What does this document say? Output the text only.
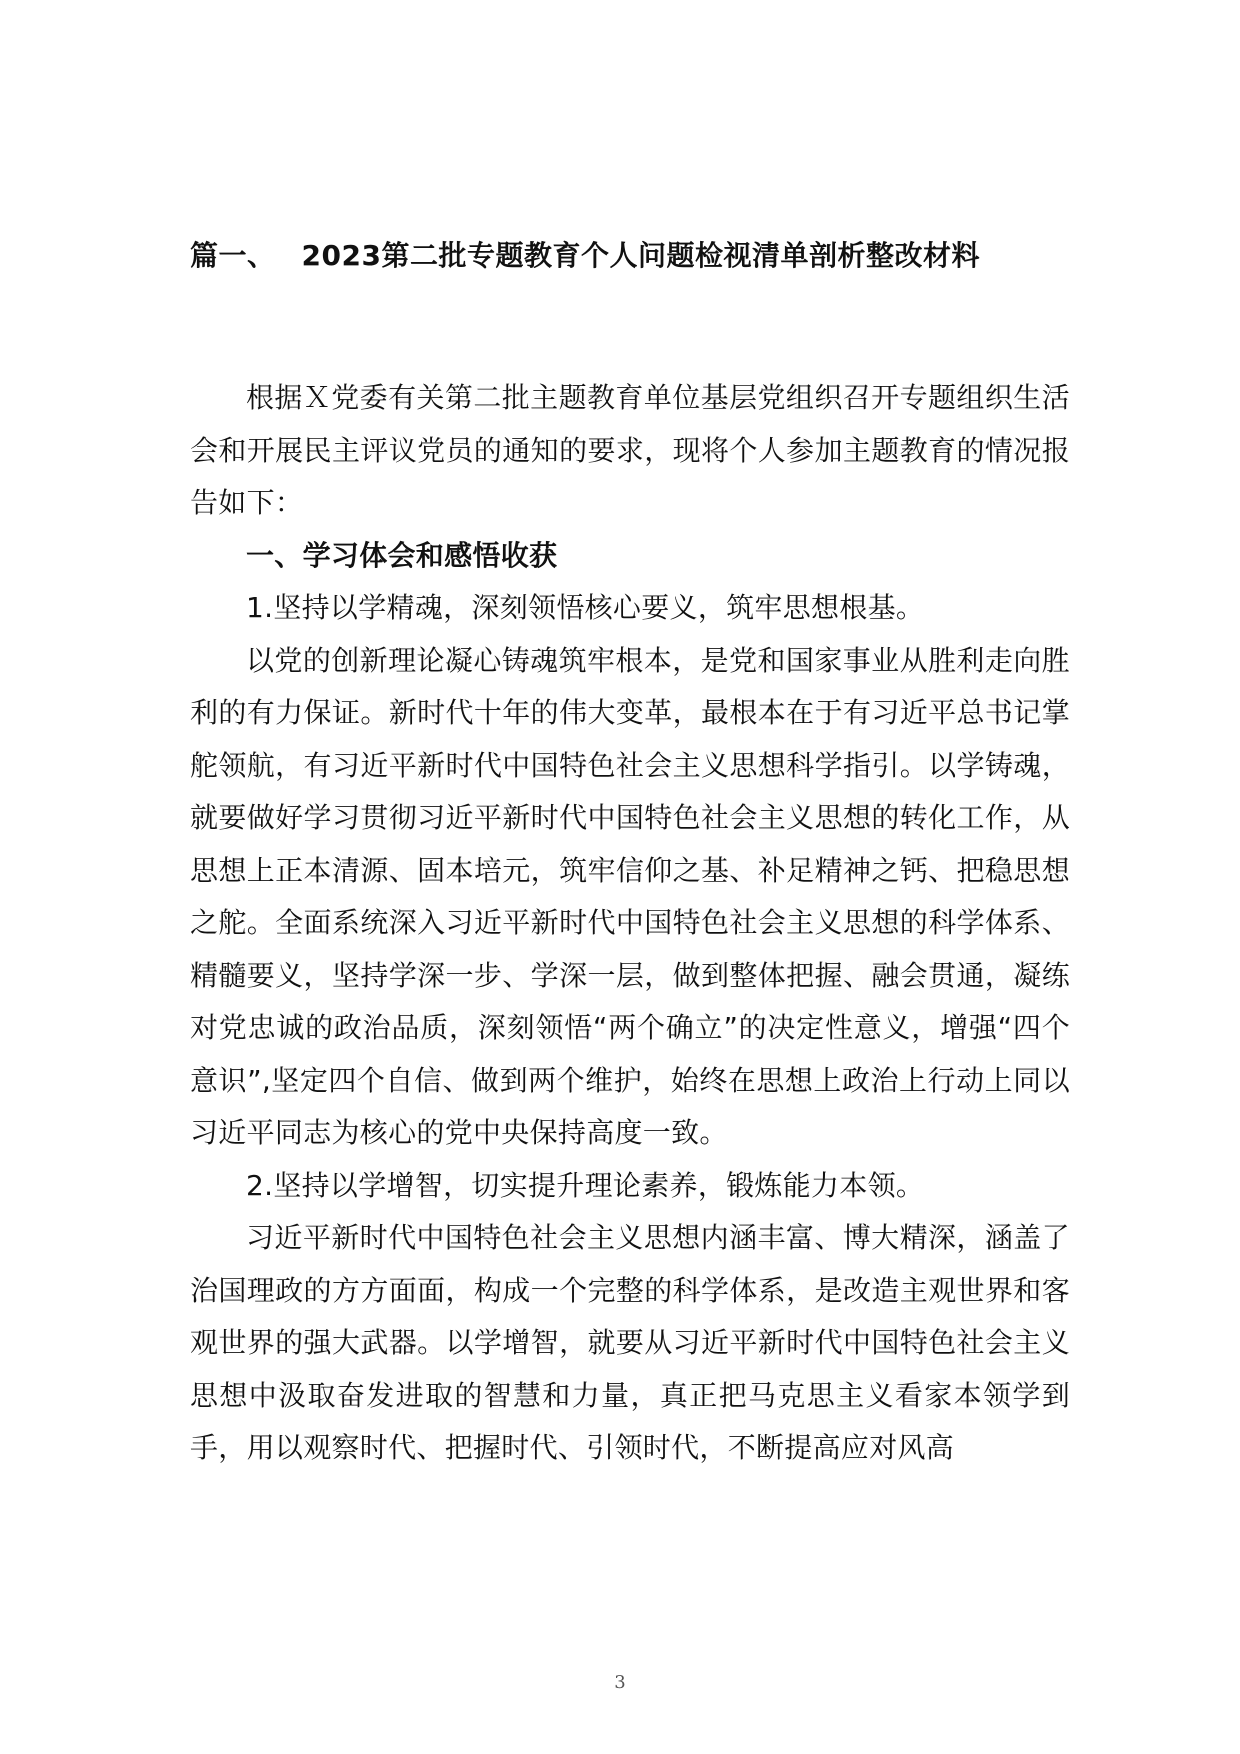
篇一、 2023第二批专题教育个人问题检视清单剖析整改材料

根据Ｘ党委有关第二批主题教育单位基层党组织召开专题组织生活会和开展民主评议党员的通知的要求，现将个人参加主题教育的情况报告如下：

一、学习体会和感悟收获

1.坚持以学精魂，深刻领悟核心要义，筑牢思想根基。

以党的创新理论凝心铸魂筑牢根本，是党和国家事业从胜利走向胜利的有力保证。新时代十年的伟大变革，最根本在于有习近平总书记掌舵领航，有习近平新时代中国特色社会主义思想科学指引。以学铸魂，就要做好学习贯彻习近平新时代中国特色社会主义思想的转化工作，从思想上正本清源、固本培元，筑牢信仰之基、补足精神之钙、把稳思想之舵。全面系统深入习近平新时代中国特色社会主义思想的科学体系、精髓要义，坚持学深一步、学深一层，做到整体把握、融会贯通，凝练对党忠诚的政治品质，深刻领悟“两个确立”的决定性意义，增强“四个意识”,坚定四个自信、做到两个维护，始终在思想上政治上行动上同以习近平同志为核心的党中央保持高度一致。

2.坚持以学增智，切实提升理论素养，锻炼能力本领。

习近平新时代中国特色社会主义思想内涵丰富、博大精深，涵盖了治国理政的方方面面，构成一个完整的科学体系，是改造主观世界和客观世界的强大武器。以学增智，就要从习近平新时代中国特色社会主义思想中汲取奋发进取的智慧和力量，真正把马克思主义看家本领学到手，用以观察时代、把握时代、引领时代，不断提高应对风高

3
